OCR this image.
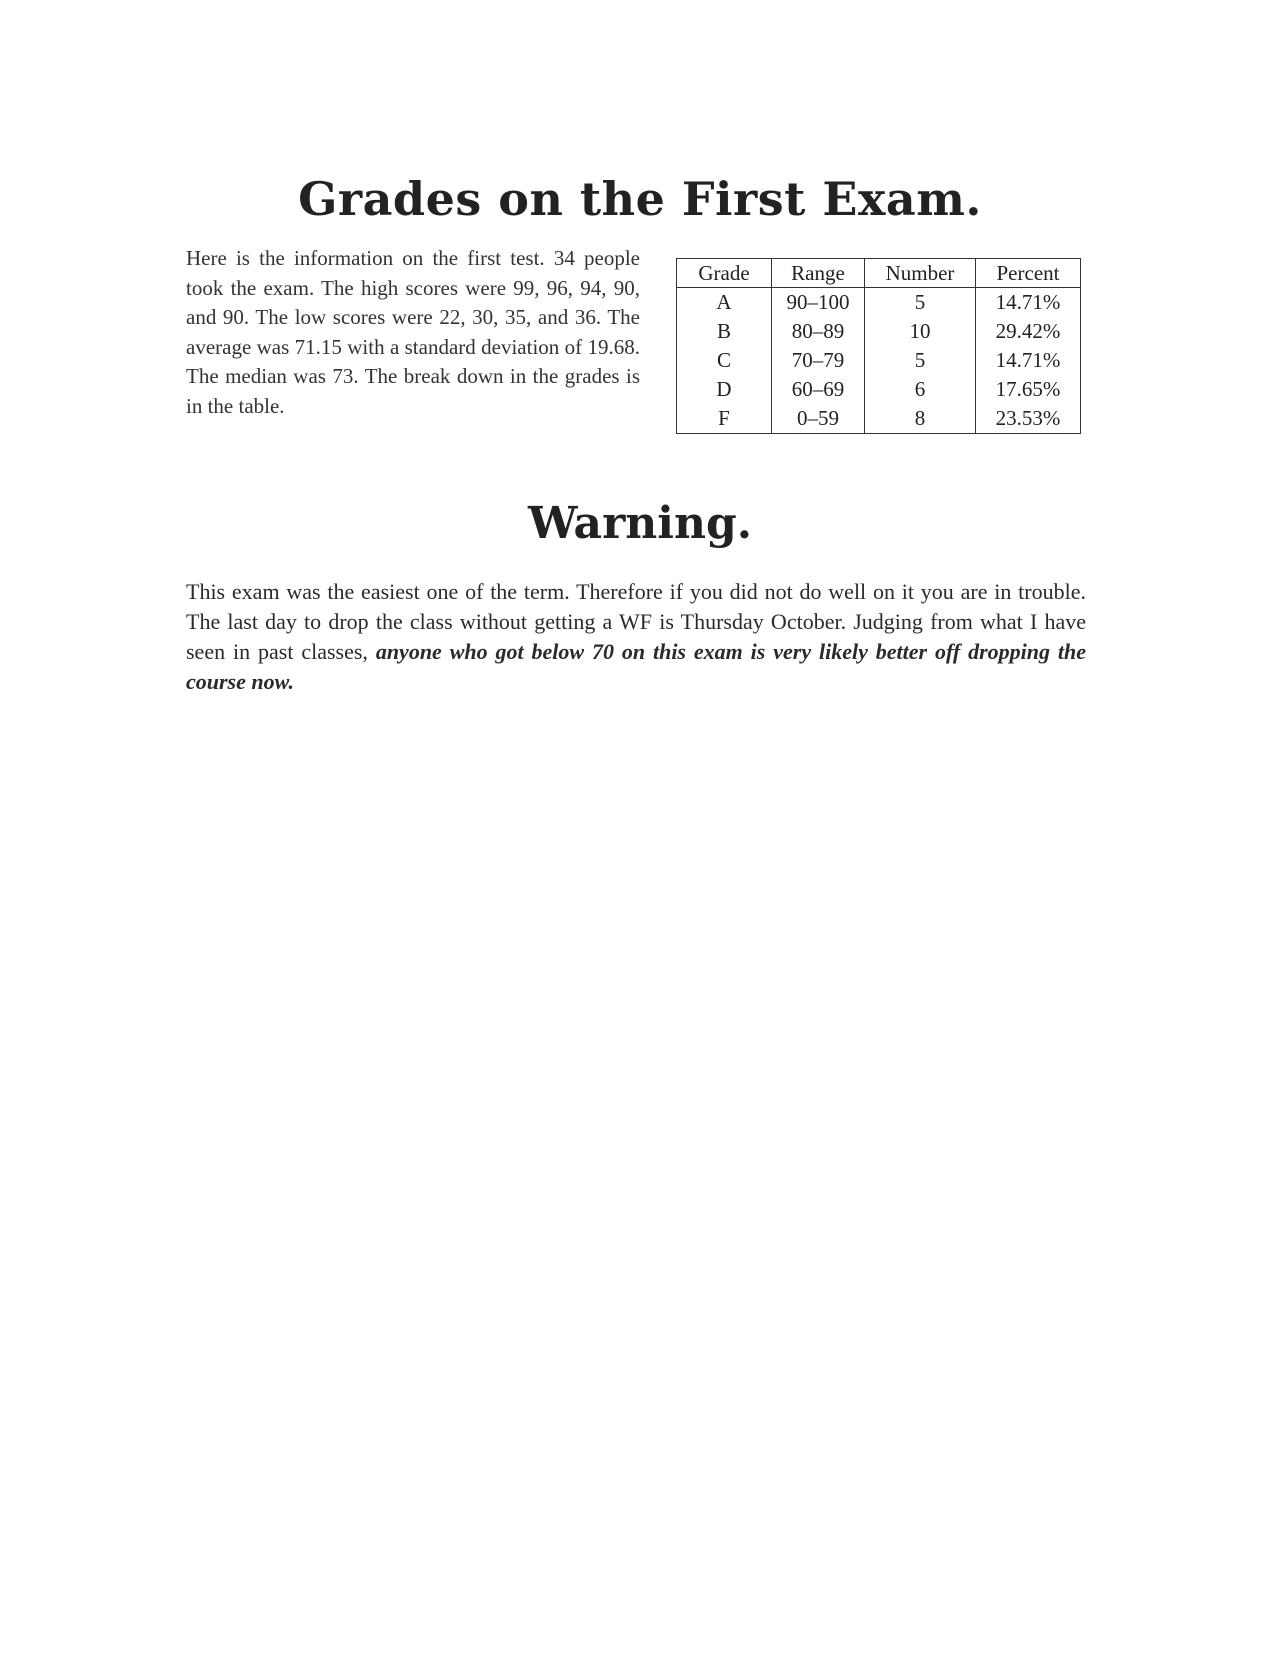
Grades on the First Exam.

Here is the information on the first test. 34 people took the exam. The high scores were 99, 96, 94, 90, and 90. The low scores were 22, 30, 35, and 36. The average was 71.15 with a standard deviation of 19.68. The median was 73. The break down in the grades is in the table.

Grade	Range	Number	Percent
A	90–100	5	14.71%
B	80–89	10	29.42%
C	70–79	5	14.71%
D	60–69	6	17.65%
F	0–59	8	23.53%
Warning.

This exam was the easiest one of the term. Therefore if you did not do well on it you are in trouble. The last day to drop the class without getting a WF is Thursday October. Judging from what I have seen in past classes, anyone who got below 70 on this exam is very likely better off dropping the course now.
